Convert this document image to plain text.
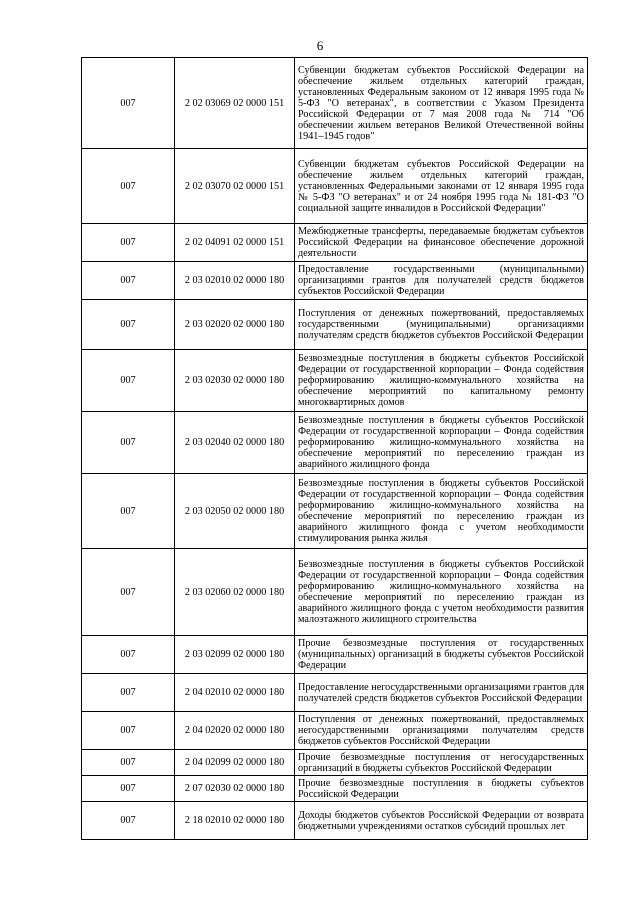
6
007	2 02 03069 02 0000 151	Субвенции бюджетам субъектов Российской Федерации на обеспечение жильем отдельных категорий граждан, установленных Федеральным законом от 12 января 1995 года № 5-ФЗ "О ветеранах", в соответствии с Указом Президента Российской Федерации от 7 мая 2008 года № 714 "Об обеспечении жильем ветеранов Великой Отечественной войны 1941–1945 годов"
007	2 02 03070 02 0000 151	Субвенции бюджетам субъектов Российской Федерации на обеспечение жильем отдельных категорий граждан, установленных Федеральными законами от 12 января 1995 года № 5-ФЗ "О ветеранах" и от 24 ноября 1995 года № 181-ФЗ "О социальной защите инвалидов в Российской Федерации"
007	2 02 04091 02 0000 151	Межбюджетные трансферты, передаваемые бюджетам субъектов Российской Федерации на финансовое обеспечение дорожной деятельности
007	2 03 02010 02 0000 180	Предоставление государственными (муниципальными) организациями грантов для получателей средств бюджетов субъектов Российской Федерации
007	2 03 02020 02 0000 180	Поступления от денежных пожертвований, предоставляемых государственными (муниципальными) организациями получателям средств бюджетов субъектов Российской Федерации
007	2 03 02030 02 0000 180	Безвозмездные поступления в бюджеты субъектов Российской Федерации от государственной корпорации – Фонда содействия реформированию жилищно-коммунального хозяйства на обеспечение мероприятий по капитальному ремонту многоквартирных домов
007	2 03 02040 02 0000 180	Безвозмездные поступления в бюджеты субъектов Российской Федерации от государственной корпорации – Фонда содействия реформированию жилищно-коммунального хозяйства на обеспечение мероприятий по переселению граждан из аварийного жилищного фонда
007	2 03 02050 02 0000 180	Безвозмездные поступления в бюджеты субъектов Российской Федерации от государственной корпорации – Фонда содействия реформированию жилищно-коммунального хозяйства на обеспечение мероприятий по переселению граждан из аварийного жилищного фонда с учетом необходимости стимулирования рынка жилья
007	2 03 02060 02 0000 180	Безвозмездные поступления в бюджеты субъектов Российской Федерации от государственной корпорации – Фонда содействия реформированию жилищно-коммунального хозяйства на обеспечение мероприятий по переселению граждан из аварийного жилищного фонда с учетом необходимости развития малоэтажного жилищного строительства
007	2 03 02099 02 0000 180	Прочие безвозмездные поступления от государственных (муниципальных) организаций в бюджеты субъектов Российской Федерации
007	2 04 02010 02 0000 180	Предоставление негосударственными организациями грантов для получателей средств бюджетов субъектов Российской Федерации
007	2 04 02020 02 0000 180	Поступления от денежных пожертвований, предоставляемых негосударственными организациями получателям средств бюджетов субъектов Российской Федерации
007	2 04 02099 02 0000 180	Прочие безвозмездные поступления от негосударственных организаций в бюджеты субъектов Российской Федерации
007	2 07 02030 02 0000 180	Прочие безвозмездные поступления в бюджеты субъектов Российской Федерации
007	2 18 02010 02 0000 180	Доходы бюджетов субъектов Российской Федерации от возврата бюджетными учреждениями остатков субсидий прошлых лет
